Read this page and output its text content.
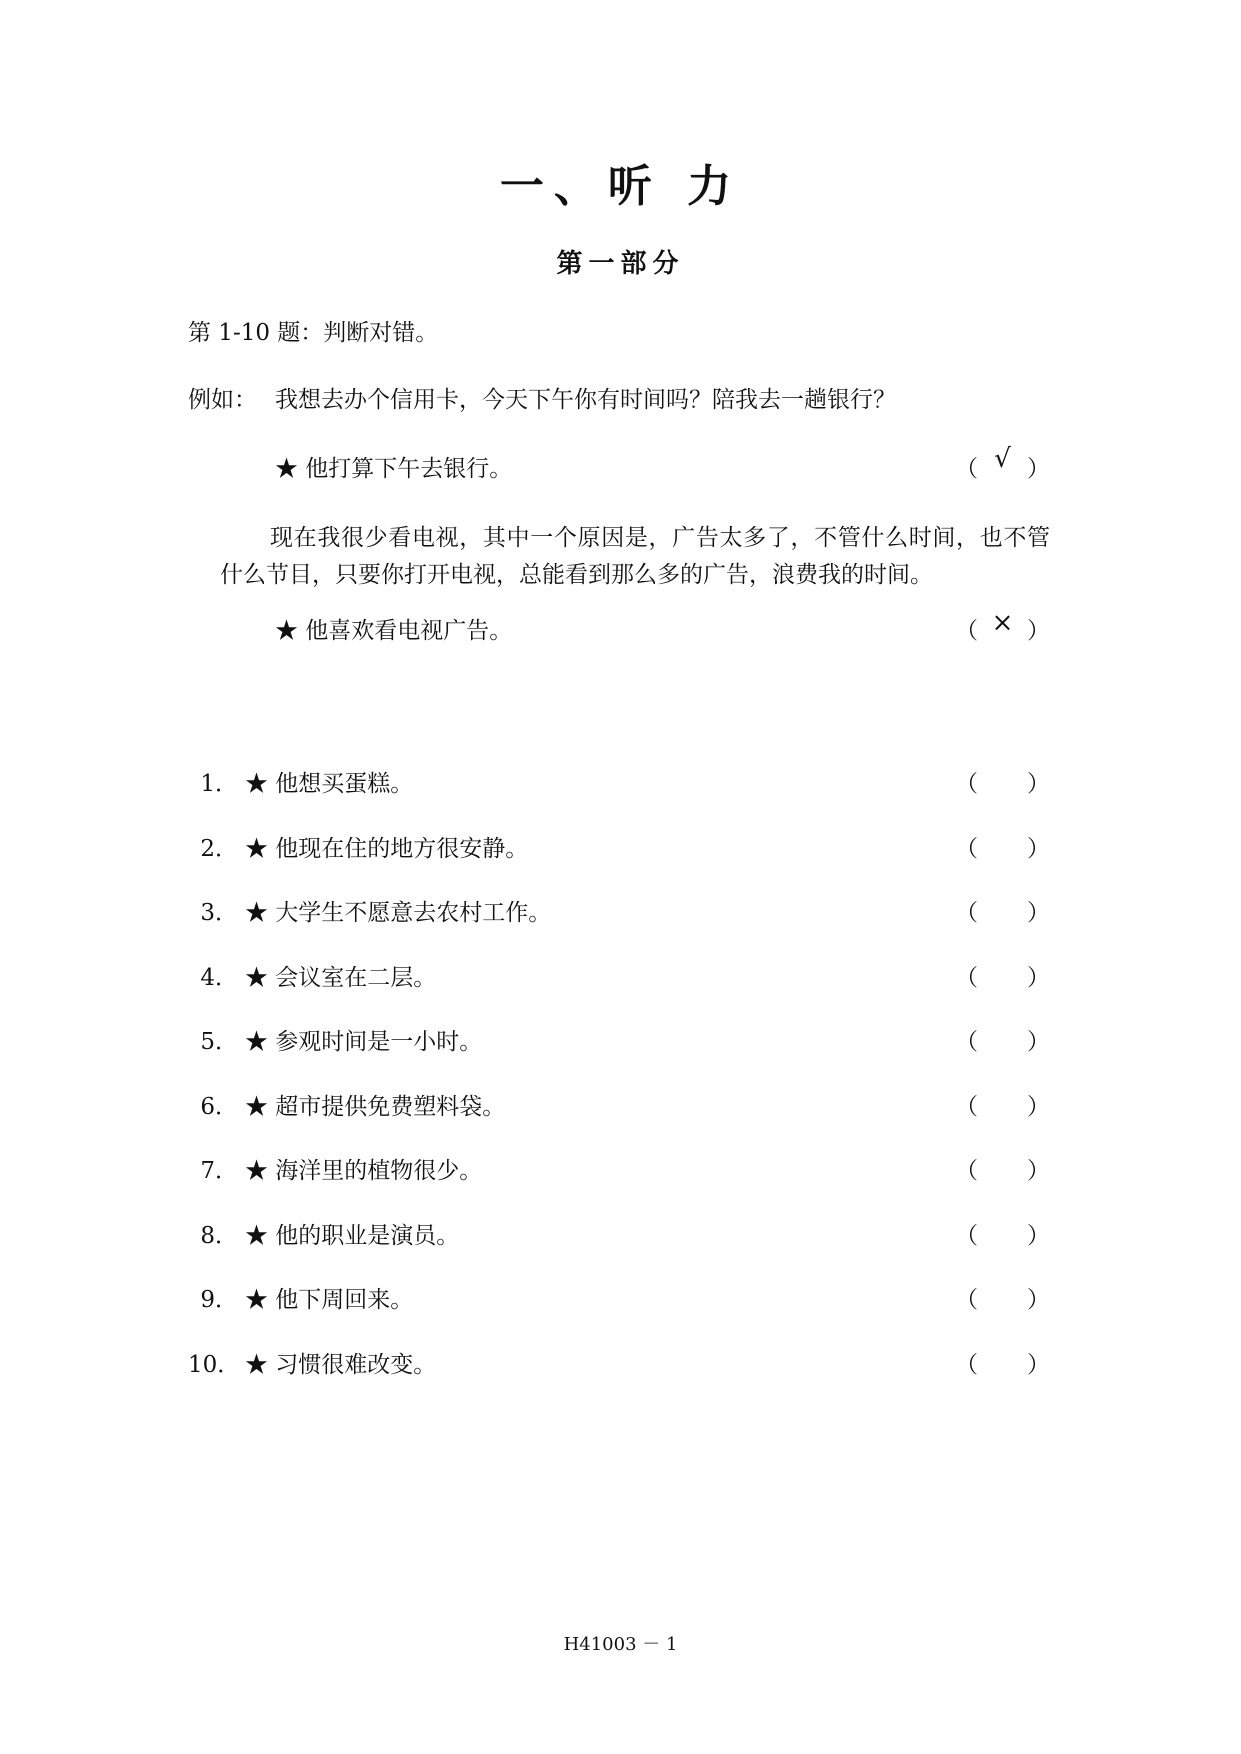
一、听 力
第一部分
第 1-10 题：判断对错。
例如： 我想去办个信用卡，今天下午你有时间吗？陪我去一趟银行？
★ 他打算下午去银行。	（ √ ）
现在我很少看电视，其中一个原因是，广告太多了，不管什么时间，也不管什么节目，只要你打开电视，总能看到那么多的广告，浪费我的时间。
★ 他喜欢看电视广告。	（ × ）
1． ★ 他想买蛋糕。	（ ）
2． ★ 他现在住的地方很安静。	（ ）
3． ★ 大学生不愿意去农村工作。	（ ）
4． ★ 会议室在二层。	（ ）
5． ★ 参观时间是一小时。	（ ）
6． ★ 超市提供免费塑料袋。	（ ）
7． ★ 海洋里的植物很少。	（ ）
8． ★ 他的职业是演员。	（ ）
9． ★ 他下周回来。	（ ）
10． ★ 习惯很难改变。	（ ）
H41003 － 1
